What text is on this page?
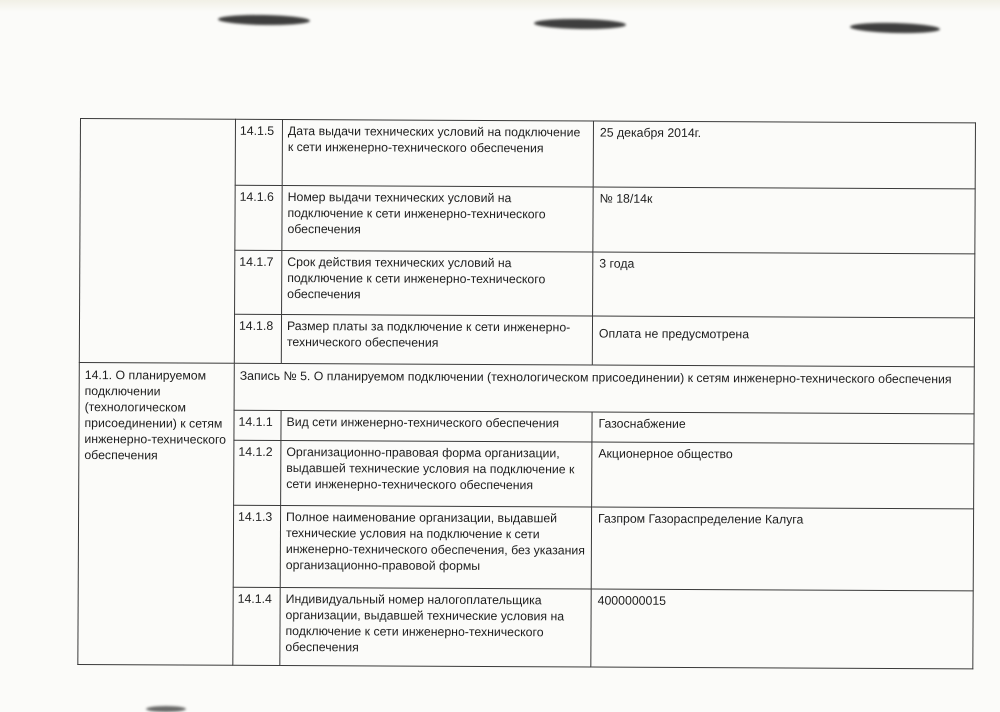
	14.1.5	Дата выдачи технических условий на подключение к сети инженерно-технического обеспечения	25 декабря 2014г.
	14.1.6	Номер выдачи технических условий на подключение к сети инженерно-технического обеспечения	№ 18/14к
	14.1.7	Срок действия технических условий на подключение к сети инженерно-технического обеспечения	3 года
	14.1.8	Размер платы за подключение к сети инженерно-технического обеспечения	Оплата не предусмотрена
14.1. О планируемом подключении (технологическом присоединении) к сетям инженерно-технического обеспечения	Запись № 5. О планируемом подключении (технологическом присоединении) к сетям инженерно-технического обеспечения		
	14.1.1	Вид сети инженерно-технического обеспечения	Газоснабжение
	14.1.2	Организационно-правовая форма организации, выдавшей технические условия на подключение к сети инженерно-технического обеспечения	Акционерное общество
	14.1.3	Полное наименование организации, выдавшей технические условия на подключение к сети инженерно-технического обеспечения, без указания организационно-правовой формы	Газпром Газораспределение Калуга
	14.1.4	Индивидуальный номер налогоплательщика организации, выдавшей технические условия на подключение к сети инженерно-технического обеспечения	4000000015
